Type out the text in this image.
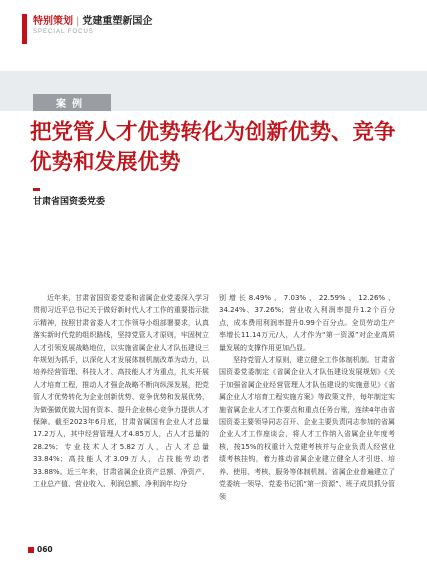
特别策划 | 党建重塑新国企
SPECIAL FOCUS
案例
把党管人才优势转化为创新优势、竞争优势和发展优势
甘肃省国资委党委

近年来，甘肃省国资委党委和省属企业党委深入学习贯彻习近平总书记关于做好新时代人才工作的重要指示批示精神，按照甘肃省委人才工作领导小组部署要求，认真落实新时代党的组织路线，坚持党管人才原则，牢固树立人才引领发展战略地位，以实施省属企业人才队伍建设三年规划为抓手，以深化人才发展体制机制改革为动力，以培养经营管理、科技人才、高技能人才为重点，扎实开展人才培育工程，推动人才强企战略不断向纵深发展，把党管人才优势转化为企业创新优势、竞争优势和发展优势，为做强做优做大国有资本、提升企业核心竞争力提供人才保障。截至2023年6月底，甘肃省属国有企业人才总量17.2万人，其中经营管理人才4.85万人，占人才总量的28.2%；专业技术人才5.82万人，占人才总量33.84%；高技能人才3.09万人，占技能劳动者33.88%。近三年来，甘肃省属企业资产总额、净资产、工业总产值、营业收入、利润总额、净利润年均分

别增长8.49%、7.03%、22.59%、12.26%、34.24%、37.26%；营业收入利润率提升1.2个百分点，成本费用利润率提升0.99个百分点。全员劳动生产率增长11.14万元/人，人才作为“第一资源”对企业高质量发展的支撑作用更加凸显。

坚持党管人才原则，建立健全工作体制机制。甘肃省国资委党委制定《省属企业人才队伍建设发展规划》《关于加强省属企业经营管理人才队伍建设的实施意见》《省属企业人才培育工程实施方案》等政策文件，每年制定实施省属企业人才工作要点和重点任务台账，连续4年由省国资委主要领导同志召开、企业主要负责同志参加的省属企业人才工作座谈会，将人才工作纳入省属企业年度考核，按15%的权重计入党建考核并与企业负责人经营业绩考核挂钩，着力推动省属企业建立健全人才引进、培养、使用、考核、服务等体制机制。省属企业普遍建立了党委统一领导、党委书记抓“第一资源”、班子成员抓分管领

060
